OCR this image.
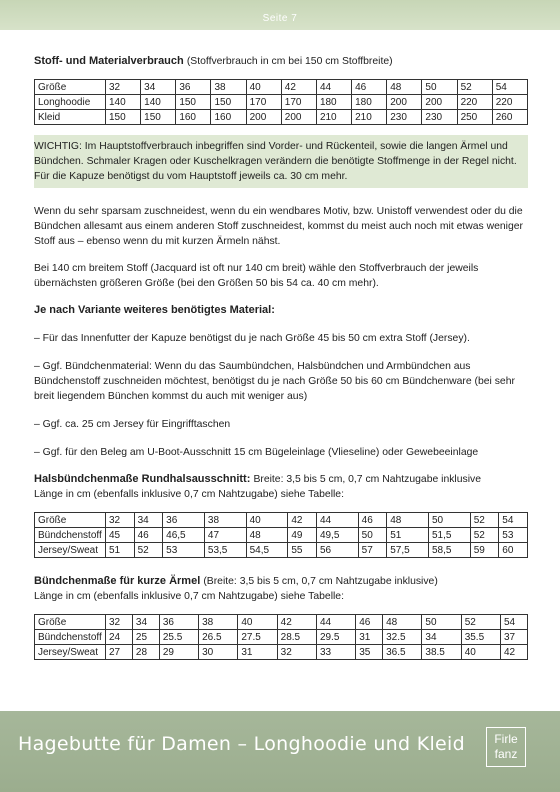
Seite 7
Stoff- und Materialverbrauch (Stoffverbrauch in cm bei 150 cm Stoffbreite)
Größe	32	34	36	38	40	42	44	46	48	50	52	54
Longhoodie	140	140	150	150	170	170	180	180	200	200	220	220
Kleid	150	150	160	160	200	200	210	210	230	230	250	260
WICHTIG: Im Hauptstoffverbrauch inbegriffen sind Vorder- und Rückenteil, sowie die langen Ärmel und Bündchen. Schmaler Kragen oder Kuschelkragen verändern die benötigte Stoffmenge in der Regel nicht. Für die Kapuze benötigst du vom Hauptstoff jeweils ca. 30 cm mehr.

Wenn du sehr sparsam zuschneidest, wenn du ein wendbares Motiv, bzw. Unistoff verwendest oder du die Bündchen allesamt aus einem anderen Stoff zuschneidest, kommst du meist auch noch mit etwas weniger Stoff aus – ebenso wenn du mit kurzen Ärmeln nähst.

Bei 140 cm breitem Stoff (Jacquard ist oft nur 140 cm breit) wähle den Stoffverbrauch der jeweils übernächsten größeren Größe (bei den Größen 50 bis 54 ca. 40 cm mehr).

Je nach Variante weiteres benötigtes Material:

– Für das Innenfutter der Kapuze benötigst du je nach Größe 45 bis 50 cm extra Stoff (Jersey).

– Ggf. Bündchenmaterial: Wenn du das Saumbündchen, Halsbündchen und Armbündchen aus Bündchenstoff zuschneiden möchtest, benötigst du je nach Größe 50 bis 60 cm Bündchenware (bei sehr breit liegendem Bünchen kommst du auch mit weniger aus)

– Ggf. ca. 25 cm Jersey für Eingrifftaschen

– Ggf. für den Beleg am U-Boot-Ausschnitt 15 cm Bügeleinlage (Vlieseline) oder Gewebeeinlage

Halsbündchenmaße Rundhalsausschnitt: Breite: 3,5 bis 5 cm, 0,7 cm Nahtzugabe inklusive

Länge in cm (ebenfalls inklusive 0,7 cm Nahtzugabe) siehe Tabelle:

Größe	32	34	36	38	40	42	44	46	48	50	52	54
Bündchenstoff	45	46	46,5	47	48	49	49,5	50	51	51,5	52	53
Jersey/Sweat	51	52	53	53,5	54,5	55	56	57	57,5	58,5	59	60
Bündchenmaße für kurze Ärmel (Breite: 3,5 bis 5 cm, 0,7 cm Nahtzugabe inklusive)

Länge in cm (ebenfalls inklusive 0,7 cm Nahtzugabe) siehe Tabelle:

Größe	32	34	36	38	40	42	44	46	48	50	52	54
Bündchenstoff	24	25	25.5	26.5	27.5	28.5	29.5	31	32.5	34	35.5	37
Jersey/Sweat	27	28	29	30	31	32	33	35	36.5	38.5	40	42
Hagebutte für Damen – Longhoodie und Kleid	Firle
fanz
